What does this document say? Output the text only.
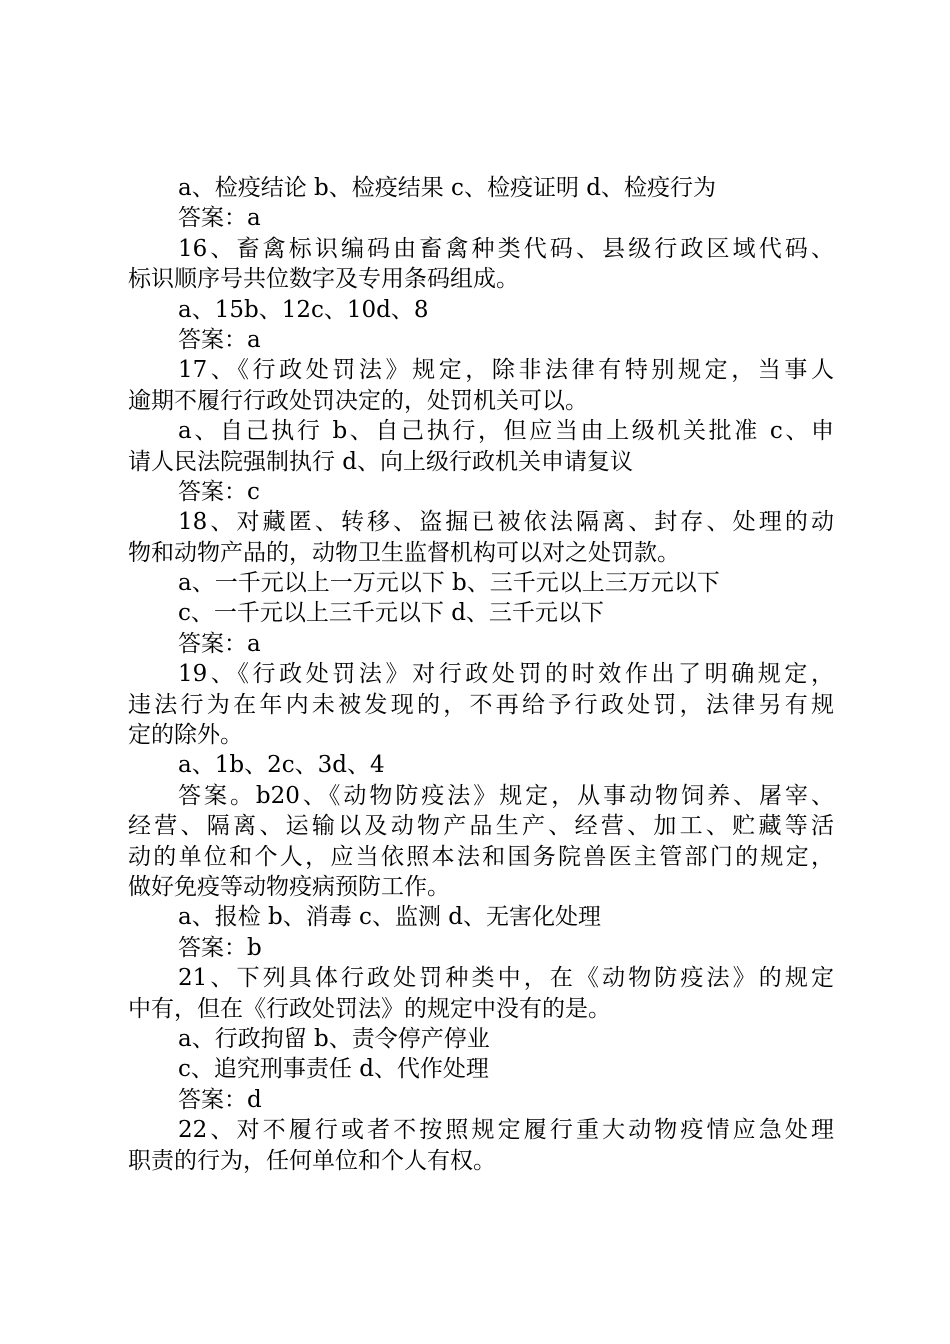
a、检疫结论 b、检疫结果 c、检疫证明 d、检疫行为
答案：a
16、畜禽标识编码由畜禽种类代码、县级行政区域代码、
标识顺序号共位数字及专用条码组成。
a、15b、12c、10d、8
答案：a
17、《行政处罚法》规定，除非法律有特别规定，当事人
逾期不履行行政处罚决定的，处罚机关可以。
a、自己执行 b、自己执行，但应当由上级机关批准 c、申
请人民法院强制执行 d、向上级行政机关申请复议
答案：c
18、对藏匿、转移、盗掘已被依法隔离、封存、处理的动
物和动物产品的，动物卫生监督机构可以对之处罚款。
a、一千元以上一万元以下 b、三千元以上三万元以下
c、一千元以上三千元以下 d、三千元以下
答案：a
19、《行政处罚法》对行政处罚的时效作出了明确规定，
违法行为在年内未被发现的，不再给予行政处罚，法律另有规
定的除外。
a、1b、2c、3d、4
答案。b20、《动物防疫法》规定，从事动物饲养、屠宰、
经营、隔离、运输以及动物产品生产、经营、加工、贮藏等活
动的单位和个人，应当依照本法和国务院兽医主管部门的规定，
做好免疫等动物疫病预防工作。
a、报检 b、消毒 c、监测 d、无害化处理
答案：b
21、下列具体行政处罚种类中，在《动物防疫法》的规定
中有，但在《行政处罚法》的规定中没有的是。
a、行政拘留 b、责令停产停业
c、追究刑事责任 d、代作处理
答案：d
22、对不履行或者不按照规定履行重大动物疫情应急处理
职责的行为，任何单位和个人有权。
